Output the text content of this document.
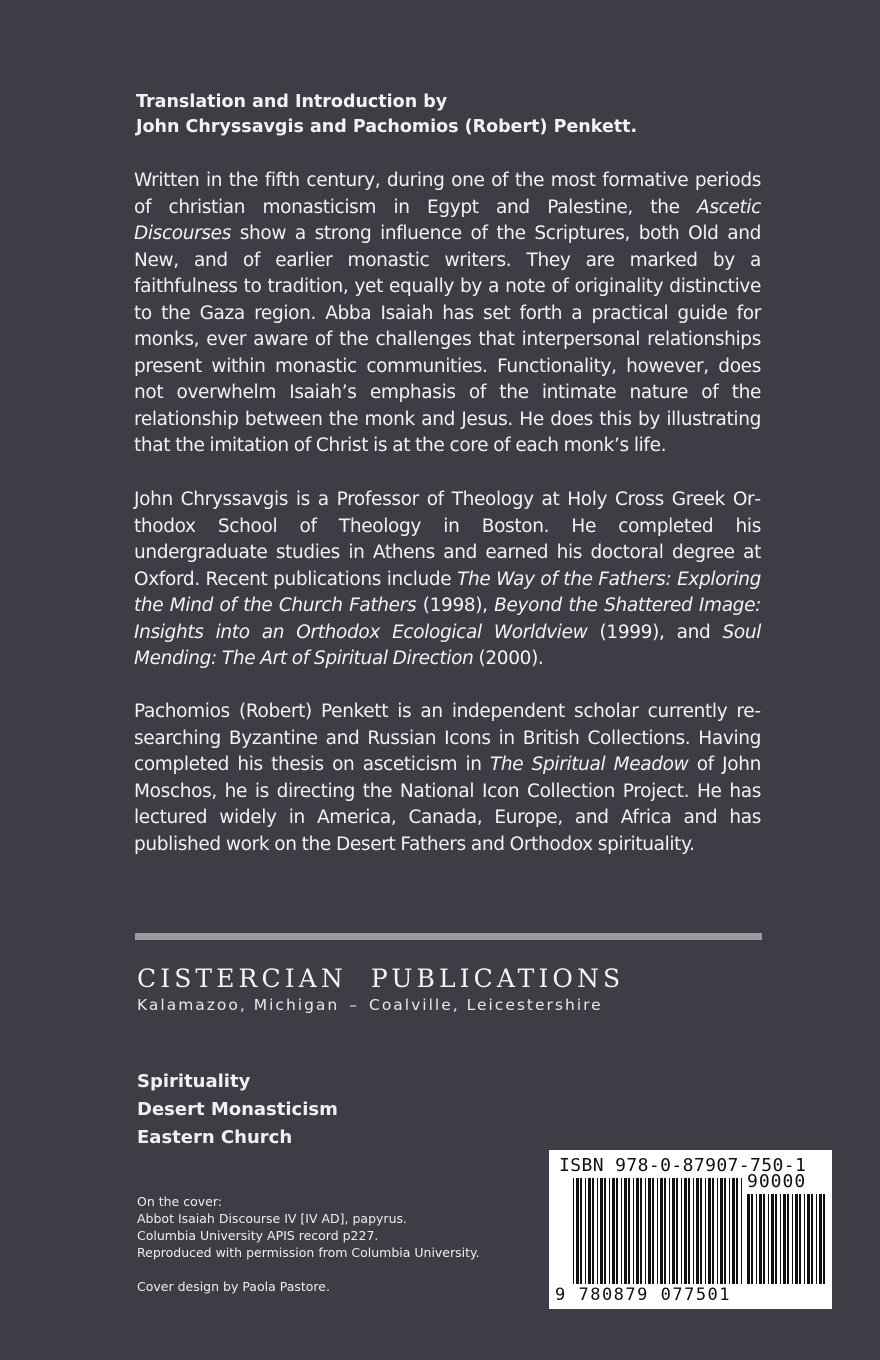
Translation and Introduction by
John Chryssavgis and Pachomios (Robert) Penkett.

Written in the fifth century, during one of the most formative periods of christian monasticism in Egypt and Palestine, the Ascetic Discourses show a strong influence of the Scriptures, both Old and New, and of earlier monastic writers. They are marked by a faithfulness to tradition, yet equally by a note of originality distinctive to the Gaza region. Abba Isaiah has set forth a practical guide for monks, ever aware of the challenges that interpersonal relationships present within monastic communities. Functionality, however, does not overwhelm Isaiah’s emphasis of the intimate nature of the relationship between the monk and Jesus. He does this by illustrating that the imitation of Christ is at the core of each monk’s life.

John Chryssavgis is a Professor of Theology at Holy Cross Greek Orthodox School of Theology in Boston. He completed his undergraduate studies in Athens and earned his doctoral degree at Oxford. Recent publications include The Way of the Fathers: Exploring the Mind of the Church Fathers (1998), Beyond the Shattered Image: Insights into an Orthodox Ecological Worldview (1999), and Soul Mending: The Art of Spiritual Direction (2000).

Pachomios (Robert) Penkett is an independent scholar currently researching Byzantine and Russian Icons in British Collections. Having completed his thesis on asceticism in The Spiritual Meadow of John Moschos, he is directing the National Icon Collection Project. He has lectured widely in America, Canada, Europe, and Africa and has published work on the Desert Fathers and Orthodox spirituality.

CISTERCIAN PUBLICATIONS
Kalamazoo, Michigan – Coalville, Leicestershire
Spirituality
Desert Monasticism
Eastern Church
On the cover:
Abbot Isaiah Discourse IV [IV AD], papyrus.
Columbia University APIS record p227.
Reproduced with permission from Columbia University.
Cover design by Paola Pastore.
ISBN 978-0-87907-750-1
90000
9 780879 077501
